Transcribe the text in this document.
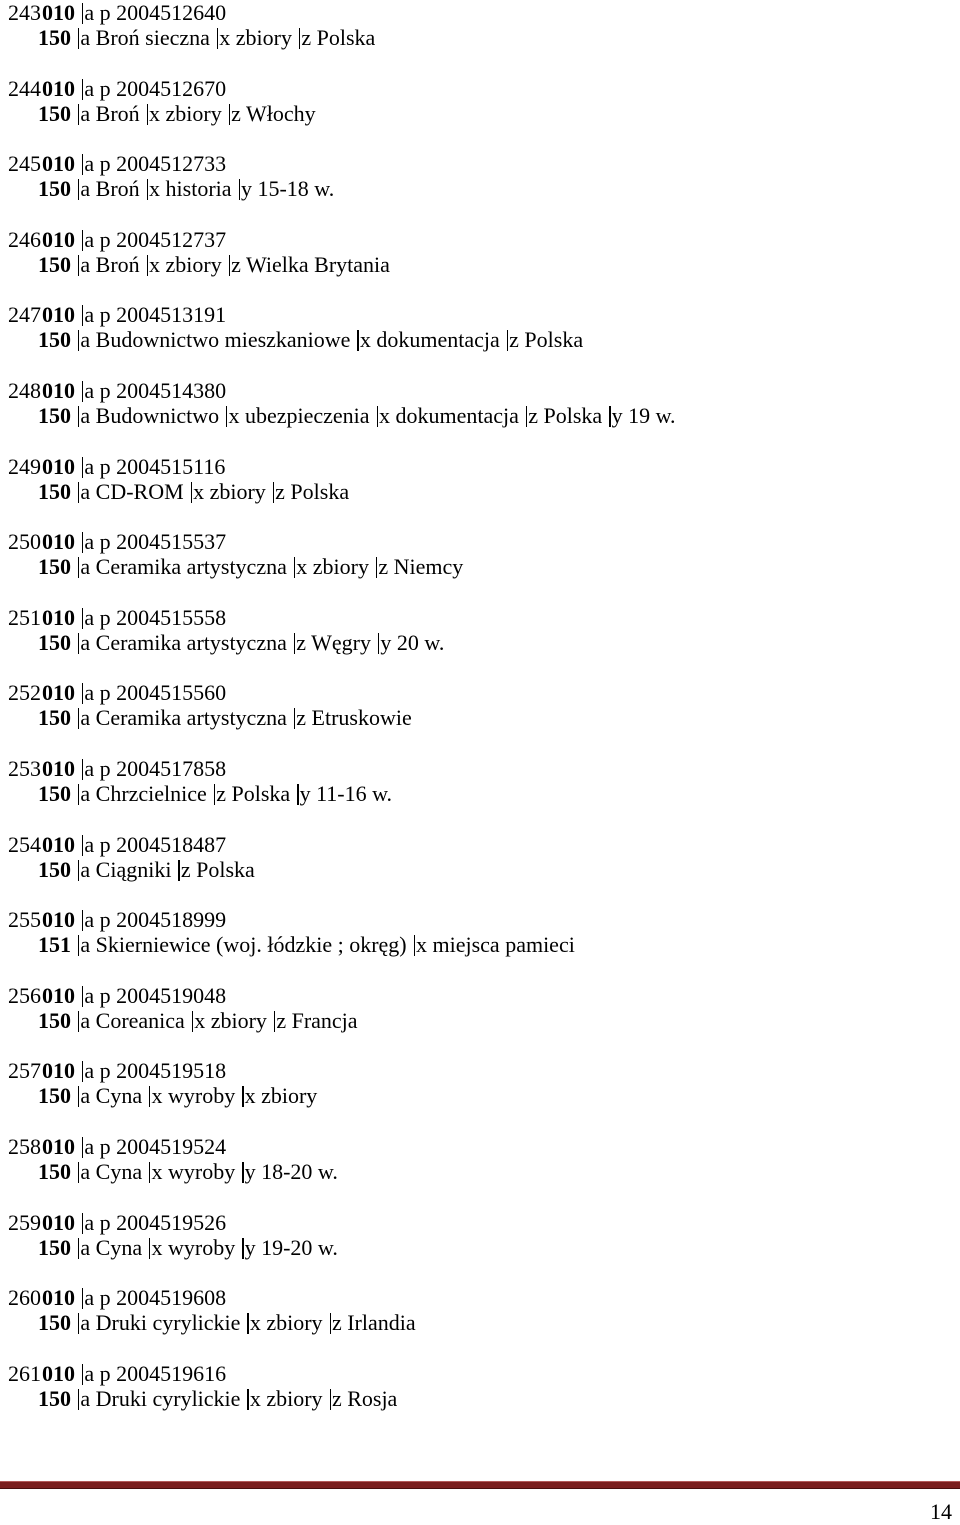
243010 a p 2004512640
150 a Broń sieczna x zbiory z Polska
244010 a p 2004512670
150 a Broń x zbiory z Włochy
245010 a p 2004512733
150 a Broń x historia y 15-18 w.
246010 a p 2004512737
150 a Broń x zbiory z Wielka Brytania
247010 a p 2004513191
150 a Budownictwo mieszkaniowe x dokumentacja z Polska
248010 a p 2004514380
150 a Budownictwo x ubezpieczenia x dokumentacja z Polska y 19 w.
249010 a p 2004515116
150 a CD-ROM x zbiory z Polska
250010 a p 2004515537
150 a Ceramika artystyczna x zbiory z Niemcy
251010 a p 2004515558
150 a Ceramika artystyczna z Węgry y 20 w.
252010 a p 2004515560
150 a Ceramika artystyczna z Etruskowie
253010 a p 2004517858
150 a Chrzcielnice z Polska y 11-16 w.
254010 a p 2004518487
150 a Ciągniki z Polska
255010 a p 2004518999
151 a Skierniewice (woj. łódzkie ; okręg) x miejsca pamieci
256010 a p 2004519048
150 a Coreanica x zbiory z Francja
257010 a p 2004519518
150 a Cyna x wyroby x zbiory
258010 a p 2004519524
150 a Cyna x wyroby y 18-20 w.
259010 a p 2004519526
150 a Cyna x wyroby y 19-20 w.
260010 a p 2004519608
150 a Druki cyrylickie x zbiory z Irlandia
261010 a p 2004519616
150 a Druki cyrylickie x zbiory z Rosja
14
